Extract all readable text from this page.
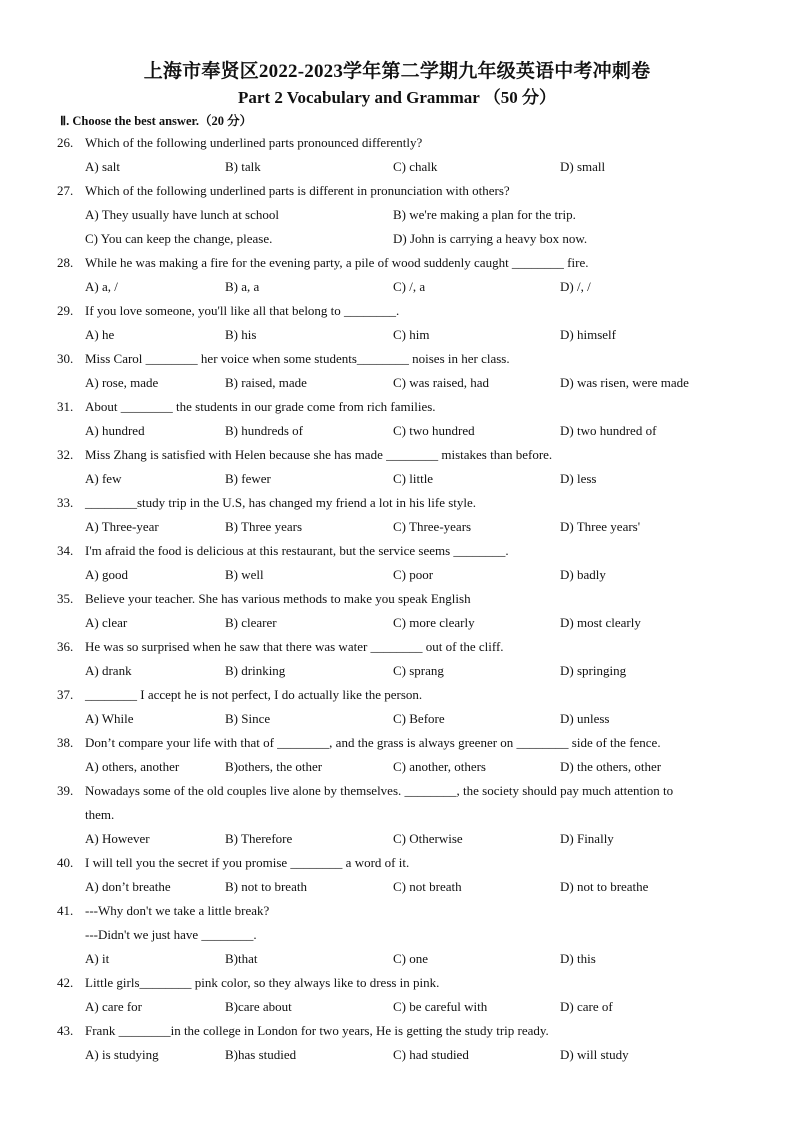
上海市奉贤区2022-2023学年第二学期九年级英语中考冲刺卷
Part 2 Vocabulary and Grammar （50 分）
Ⅱ. Choose the best answer.（20 分）
26. Which of the following underlined parts pronounced differently?
A) salt	B) talk	C) chalk	D) small
27. Which of the following underlined parts is different in pronunciation with others?
A) They usually have lunch at school	B) we're making a plan for the trip.
C) You can keep the change, please.	D) John is carrying a heavy box now.
28. While he was making a fire for the evening party, a pile of wood suddenly caught ________ fire.
A) a, /	B) a, a	C) /, a	D) /, /
29. If you love someone, you'll like all that belong to ________.
A) he	B) his	C) him	D) himself
30. Miss Carol ________ her voice when some students________ noises in her class.
A) rose, made	B) raised, made	C) was raised, had	D) was risen, were made
31. About ________ the students in our grade come from rich families.
A) hundred	B) hundreds of	C) two hundred	D) two hundred of
32. Miss Zhang is satisfied with Helen because she has made ________ mistakes than before.
A) few	B) fewer	C) little	D) less
33. ________study trip in the U.S, has changed my friend a lot in his life style.
A) Three-year	B) Three years	C) Three-years	D) Three years'
34. I'm afraid the food is delicious at this restaurant, but the service seems ________.
A) good	B) well	C) poor	D) badly
35. Believe your teacher. She has various methods to make you speak English
A) clear	B) clearer	C) more clearly	D) most clearly
36. He was so surprised when he saw that there was water ________ out of the cliff.
A) drank	B) drinking	C) sprang	D) springing
37. ________ I accept he is not perfect, I do actually like the person.
A) While	B) Since	C) Before	D) unless
38. Don’t compare your life with that of ________, and the grass is always greener on ________ side of the fence.
A) others, another	B)others, the other	C) another, others	D) the others, other
39. Nowadays some of the old couples live alone by themselves. ________, the society should pay much attention to
them.
A) However	B) Therefore	C) Otherwise	D) Finally
40. I will tell you the secret if you promise ________ a word of it.
A) don’t breathe	B) not to breath	C) not breath	D) not to breathe
41. ---Why don't we take a little break?
---Didn't we just have ________.
A) it	B)that	C) one	D) this
42. Little girls________ pink color, so they always like to dress in pink.
A) care for	B)care about	C) be careful with	D) care of
43. Frank ________in the college in London for two years, He is getting the study trip ready.
A) is studying	B)has studied	C) had studied	D) will study
